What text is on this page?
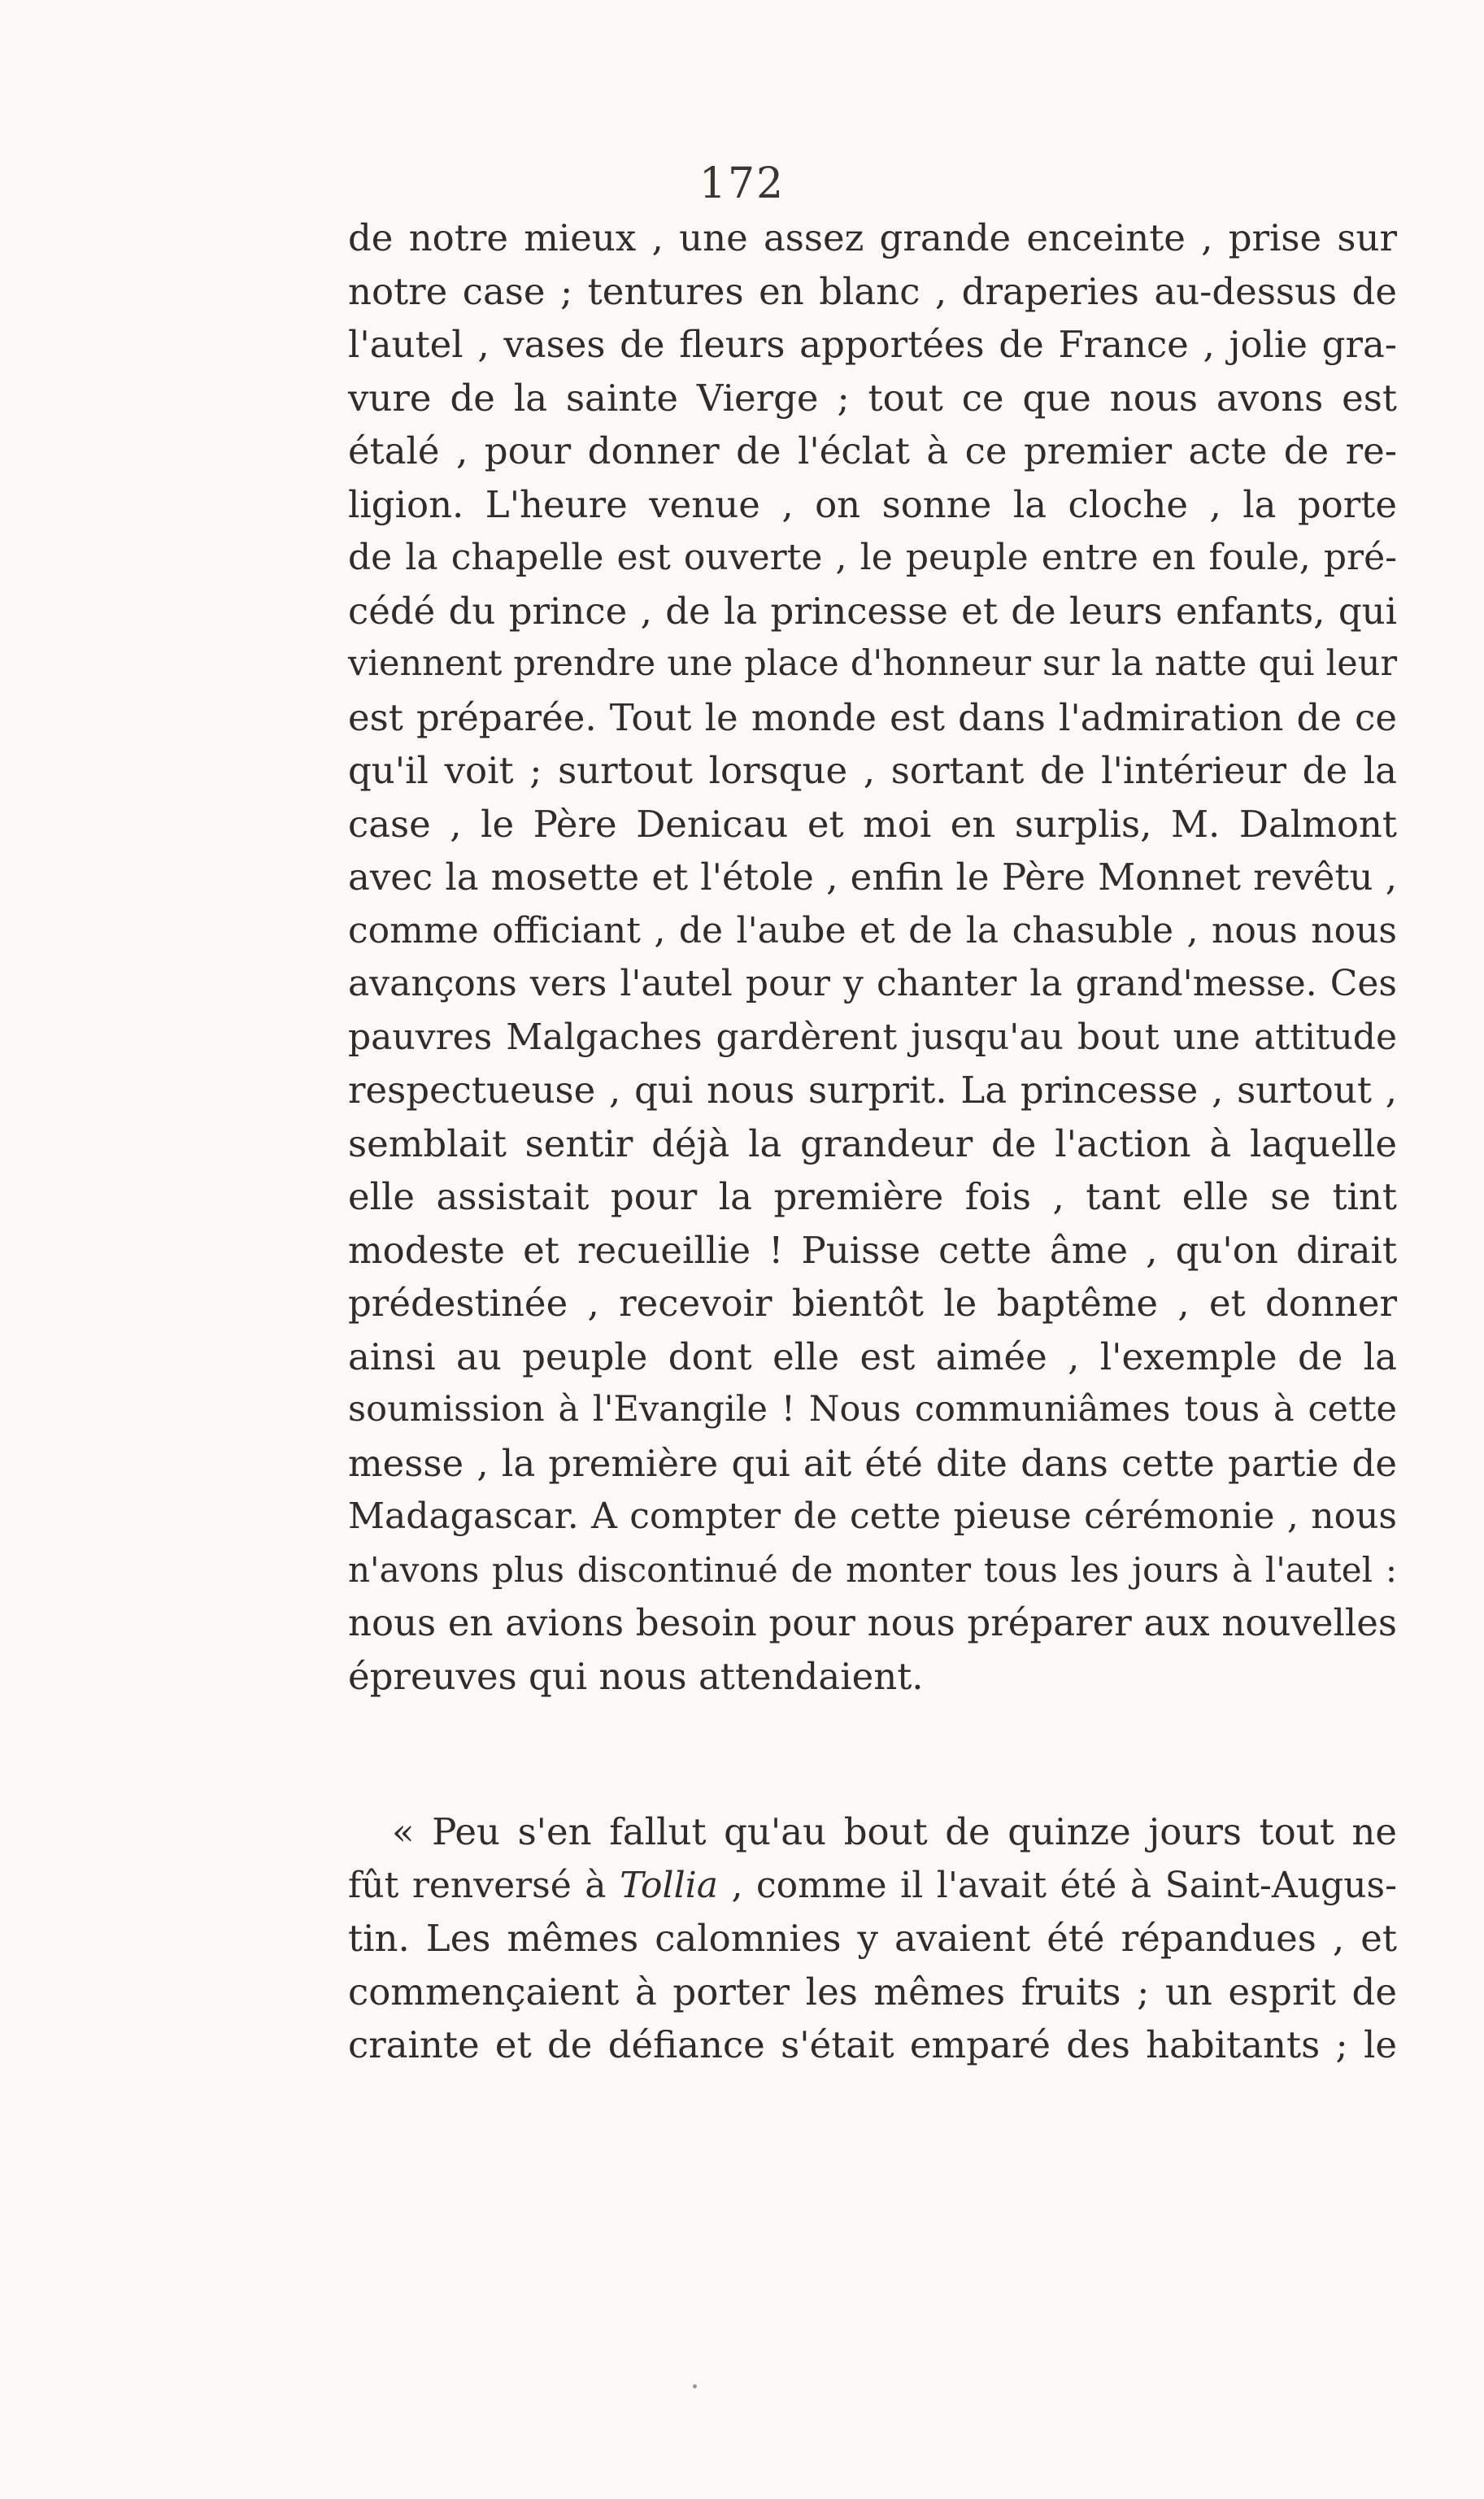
172
de notre mieux , une assez grande enceinte , prise sur
notre case ; tentures en blanc , draperies au-dessus de
l'autel , vases de fleurs apportées de France , jolie gra-
vure de la sainte Vierge ; tout ce que nous avons est
étalé , pour donner de l'éclat à ce premier acte de re-
ligion. L'heure venue , on sonne la cloche , la porte
de la chapelle est ouverte , le peuple entre en foule, pré-
cédé du prince , de la princesse et de leurs enfants, qui
viennent prendre une place d'honneur sur la natte qui leur
est préparée. Tout le monde est dans l'admiration de ce
qu'il voit ; surtout lorsque , sortant de l'intérieur de la
case , le Père Denicau et moi en surplis, M. Dalmont
avec la mosette et l'étole , enfin le Père Monnet revêtu ,
comme officiant , de l'aube et de la chasuble , nous nous
avançons vers l'autel pour y chanter la grand'messe. Ces
pauvres Malgaches gardèrent jusqu'au bout une attitude
respectueuse , qui nous surprit. La princesse , surtout ,
semblait sentir déjà la grandeur de l'action à laquelle
elle assistait pour la première fois , tant elle se tint
modeste et recueillie ! Puisse cette âme , qu'on dirait
prédestinée , recevoir bientôt le baptême , et donner
ainsi au peuple dont elle est aimée , l'exemple de la
soumission à l'Evangile ! Nous communiâmes tous à cette
messe , la première qui ait été dite dans cette partie de
Madagascar. A compter de cette pieuse cérémonie , nous
n'avons plus discontinué de monter tous les jours à l'autel :
nous en avions besoin pour nous préparer aux nouvelles
épreuves qui nous attendaient.
« Peu s'en fallut qu'au bout de quinze jours tout ne
fût renversé à Tollia , comme il l'avait été à Saint-Augus-
tin. Les mêmes calomnies y avaient été répandues , et
commençaient à porter les mêmes fruits ; un esprit de
crainte et de défiance s'était emparé des habitants ; le
